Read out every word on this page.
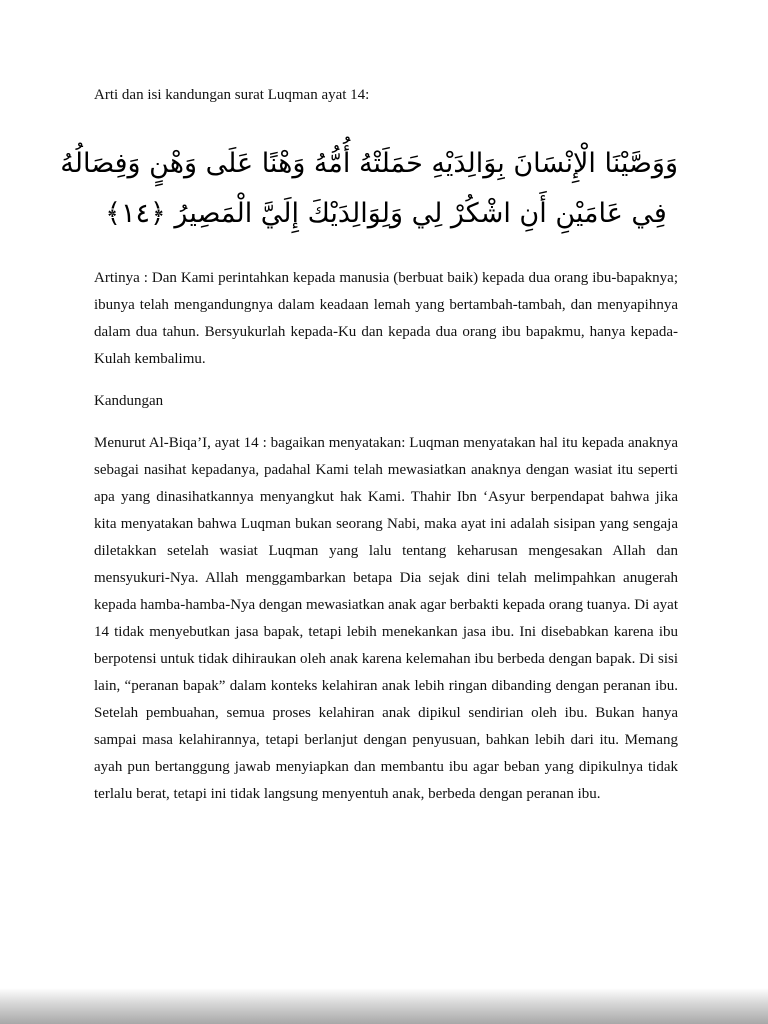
Arti dan isi kandungan surat Luqman ayat 14:

وَوَصَّيْنَا الْإِنْسَانَ بِوَالِدَيْهِ حَمَلَتْهُ أُمُّهُ وَهْنًا عَلَى وَهْنٍ وَفِصَالُهُ
فِي عَامَيْنِ أَنِ اشْكُرْ لِي وَلِوَالِدَيْكَ إِلَيَّ الْمَصِيرُ ﴿١٤﴾

Artinya : Dan Kami perintahkan kepada manusia (berbuat baik) kepada dua orang ibu-bapaknya; ibunya telah mengandungnya dalam keadaan lemah yang bertambah-tambah, dan menyapihnya dalam dua tahun. Bersyukurlah kepada-Ku dan kepada dua orang ibu bapakmu, hanya kepada-Kulah kembalimu.

Kandungan

Menurut Al-Biqa’I, ayat 14 : bagaikan menyatakan: Luqman menyatakan hal itu kepada anaknya sebagai nasihat kepadanya, padahal Kami telah mewasiatkan anaknya dengan wasiat itu seperti apa yang dinasihatkannya menyangkut hak Kami. Thahir Ibn ‘Asyur berpendapat bahwa jika kita menyatakan bahwa Luqman bukan seorang Nabi, maka ayat ini adalah sisipan yang sengaja diletakkan setelah wasiat Luqman yang lalu tentang keharusan mengesakan Allah dan mensyukuri-Nya. Allah menggambarkan betapa Dia sejak dini telah melimpahkan anugerah kepada hamba-hamba-Nya dengan mewasiatkan anak agar berbakti kepada orang tuanya. Di ayat 14 tidak menyebutkan jasa bapak, tetapi lebih menekankan jasa ibu. Ini disebabkan karena ibu berpotensi untuk tidak dihiraukan oleh anak karena kelemahan ibu berbeda dengan bapak. Di sisi lain, “peranan bapak” dalam konteks kelahiran anak lebih ringan dibanding dengan peranan ibu. Setelah pembuahan, semua proses kelahiran anak dipikul sendirian oleh ibu. Bukan hanya sampai masa kelahirannya, tetapi berlanjut dengan penyusuan, bahkan lebih dari itu. Memang ayah pun bertanggung jawab menyiapkan dan membantu ibu agar beban yang dipikulnya tidak terlalu berat, tetapi ini tidak langsung menyentuh anak, berbeda dengan peranan ibu.
